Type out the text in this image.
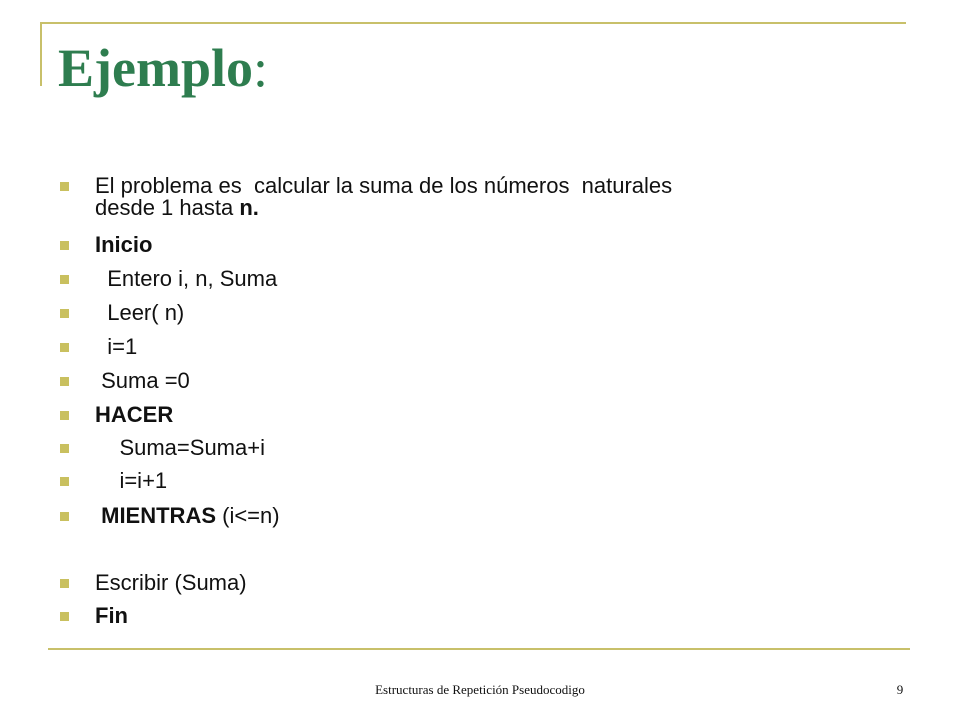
Ejemplo:
El problema es  calcular la suma de los números  naturales
desde 1 hasta n.
Inicio
Entero i, n, Suma
Leer( n)
i=1
Suma =0
HACER
Suma=Suma+i
i=i+1
MIENTRAS (i<=n)
Escribir (Suma)
Fin
Estructuras de Repetición Pseudocodigo	9
